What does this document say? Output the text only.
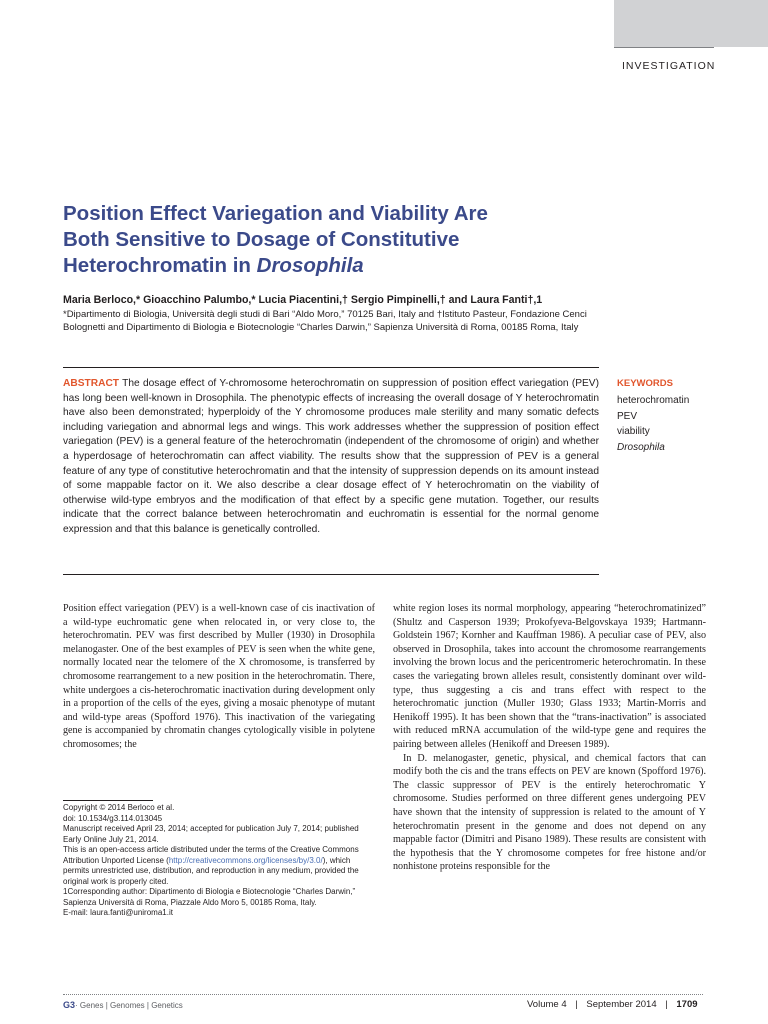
INVESTIGATION
Position Effect Variegation and Viability Are
Both Sensitive to Dosage of Constitutive
Heterochromatin in Drosophila
Maria Berloco,* Gioacchino Palumbo,* Lucia Piacentini,† Sergio Pimpinelli,† and Laura Fanti†,1
*Dipartimento di Biologia, Università degli studi di Bari “Aldo Moro,” 70125 Bari, Italy and †Istituto Pasteur, Fondazione Cenci Bolognetti and Dipartimento di Biologia e Biotecnologie “Charles Darwin,” Sapienza Università di Roma, 00185 Roma, Italy
ABSTRACT The dosage effect of Y-chromosome heterochromatin on suppression of position effect variegation (PEV) has long been well-known in Drosophila. The phenotypic effects of increasing the overall dosage of Y heterochromatin have also been demonstrated; hyperploidy of the Y chromosome produces male sterility and many somatic defects including variegation and abnormal legs and wings. This work addresses whether the suppression of position effect variegation (PEV) is a general feature of the heterochromatin (independent of the chromosome of origin) and whether a hyperdosage of heterochromatin can affect viability. The results show that the suppression of PEV is a general feature of any type of constitutive heterochromatin and that the intensity of suppression depends on its amount instead of some mappable factor on it. We also describe a clear dosage effect of Y heterochromatin on the viability of otherwise wild-type embryos and the modification of that effect by a specific gene mutation. Together, our results indicate that the correct balance between heterochromatin and euchromatin is essential for the normal genome expression and that this balance is genetically controlled.
KEYWORDS
heterochromatin
PEV
viability
Drosophila

Position effect variegation (PEV) is a well-known case of cis inactivation of a wild-type euchromatic gene when relocated in, or very close to, the heterochromatin. PEV was first described by Muller (1930) in Drosophila melanogaster. One of the best examples of PEV is seen when the white gene, normally located near the telomere of the X chromosome, is transferred by chromosome rearrangement to a new position in the heterochromatin. There, white undergoes a cis-heterochromatic inactivation during development only in a proportion of the cells of the eyes, giving a mosaic phenotype of mutant and wild-type areas (Spofford 1976). This inactivation of the variegating gene is accompanied by chromatin changes cytologically visible in polytene chromosomes; the

white region loses its normal morphology, appearing “heterochromatinized” (Shultz and Casperson 1939; Prokofyeva-Belgovskaya 1939; Hartmann-Goldstein 1967; Kornher and Kauffman 1986). A peculiar case of PEV, also observed in Drosophila, takes into account the chromosome rearrangements involving the brown locus and the pericentromeric heterochromatin. In these cases the variegating brown alleles result, consistently dominant over wild-type, thus suggesting a cis and trans effect with respect to the heterochromatic junction (Muller 1930; Glass 1933; Martin-Morris and Henikoff 1995). It has been shown that the “trans-inactivation” is associated with reduced mRNA accumulation of the wild-type gene and requires the pairing between alleles (Henikoff and Dreesen 1989).

In D. melanogaster, genetic, physical, and chemical factors that can modify both the cis and the trans effects on PEV are known (Spofford 1976). The classic suppressor of PEV is the entirely heterochromatic Y chromosome. Studies performed on three different genes undergoing PEV have shown that the intensity of suppression is related to the amount of Y heterochromatin present in the genome and does not depend on any mappable factor (Dimitri and Pisano 1989). These results are consistent with the hypothesis that the Y chromosome competes for free histone and/or nonhistone proteins responsible for the

Copyright © 2014 Berloco et al.

doi: 10.1534/g3.114.013045

Manuscript received April 23, 2014; accepted for publication July 7, 2014; published Early Online July 21, 2014.

This is an open-access article distributed under the terms of the Creative Commons Attribution Unported License (http://creativecommons.org/licenses/by/3.0/), which permits unrestricted use, distribution, and reproduction in any medium, provided the original work is properly cited.

1Corresponding author: Dipartimento di Biologia e Biotecnologie “Charles Darwin,” Sapienza Università di Roma, Piazzale Aldo Moro 5, 00185 Roma, Italy.

E-mail: laura.fanti@uniroma1.it

G3· Genes | Genomes | Genetics	Volume 4 | September 2014 | 1709
